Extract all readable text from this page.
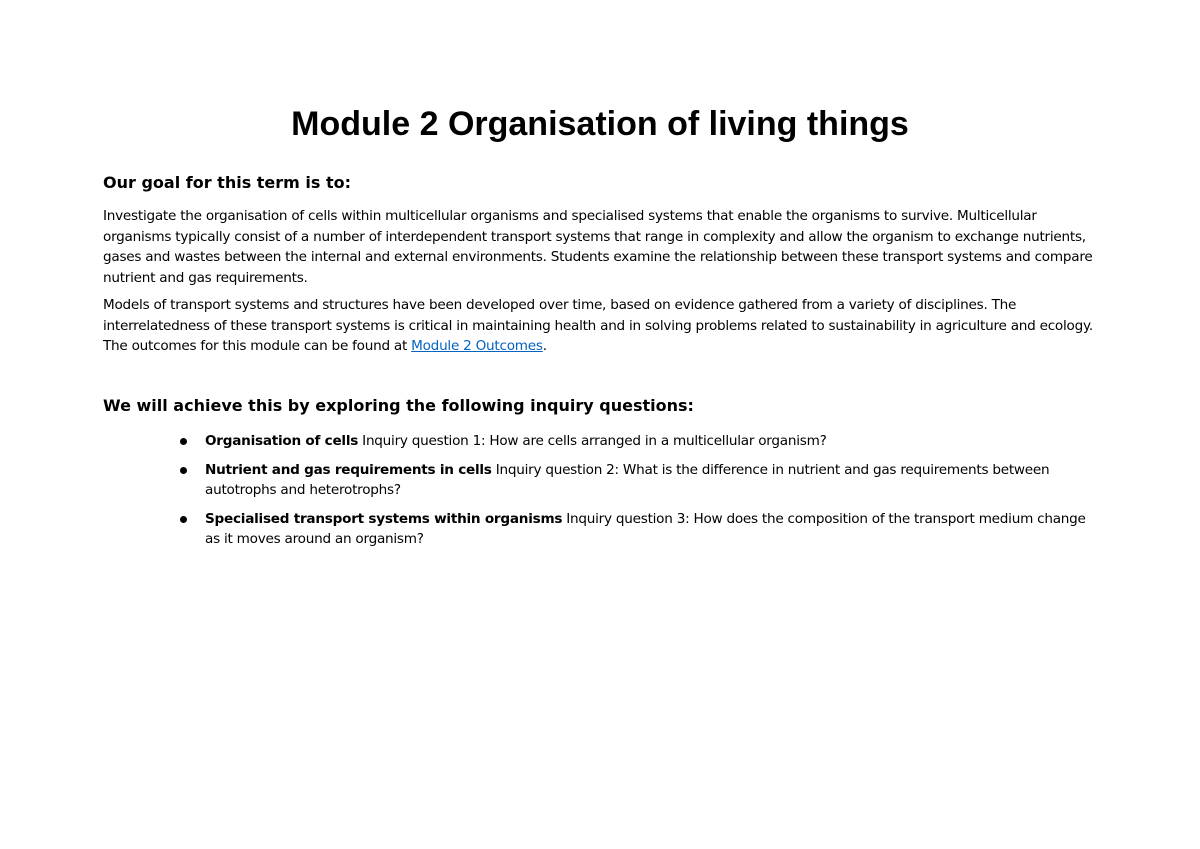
Module 2 Organisation of living things
Our goal for this term is to:

Investigate the organisation of cells within multicellular organisms and specialised systems that enable the organisms to survive. Multicellular organisms typically consist of a number of interdependent transport systems that range in complexity and allow the organism to exchange nutrients, gases and wastes between the internal and external environments. Students examine the relationship between these transport systems and compare nutrient and gas requirements.

Models of transport systems and structures have been developed over time, based on evidence gathered from a variety of disciplines. The interrelatedness of these transport systems is critical in maintaining health and in solving problems related to sustainability in agriculture and ecology. The outcomes for this module can be found at Module 2 Outcomes.

We will achieve this by exploring the following inquiry questions:
Organisation of cells Inquiry question 1: How are cells arranged in a multicellular organism?
Nutrient and gas requirements in cells Inquiry question 2: What is the difference in nutrient and gas requirements between autotrophs and heterotrophs?
Specialised transport systems within organisms Inquiry question 3: How does the composition of the transport medium change as it moves around an organism?
